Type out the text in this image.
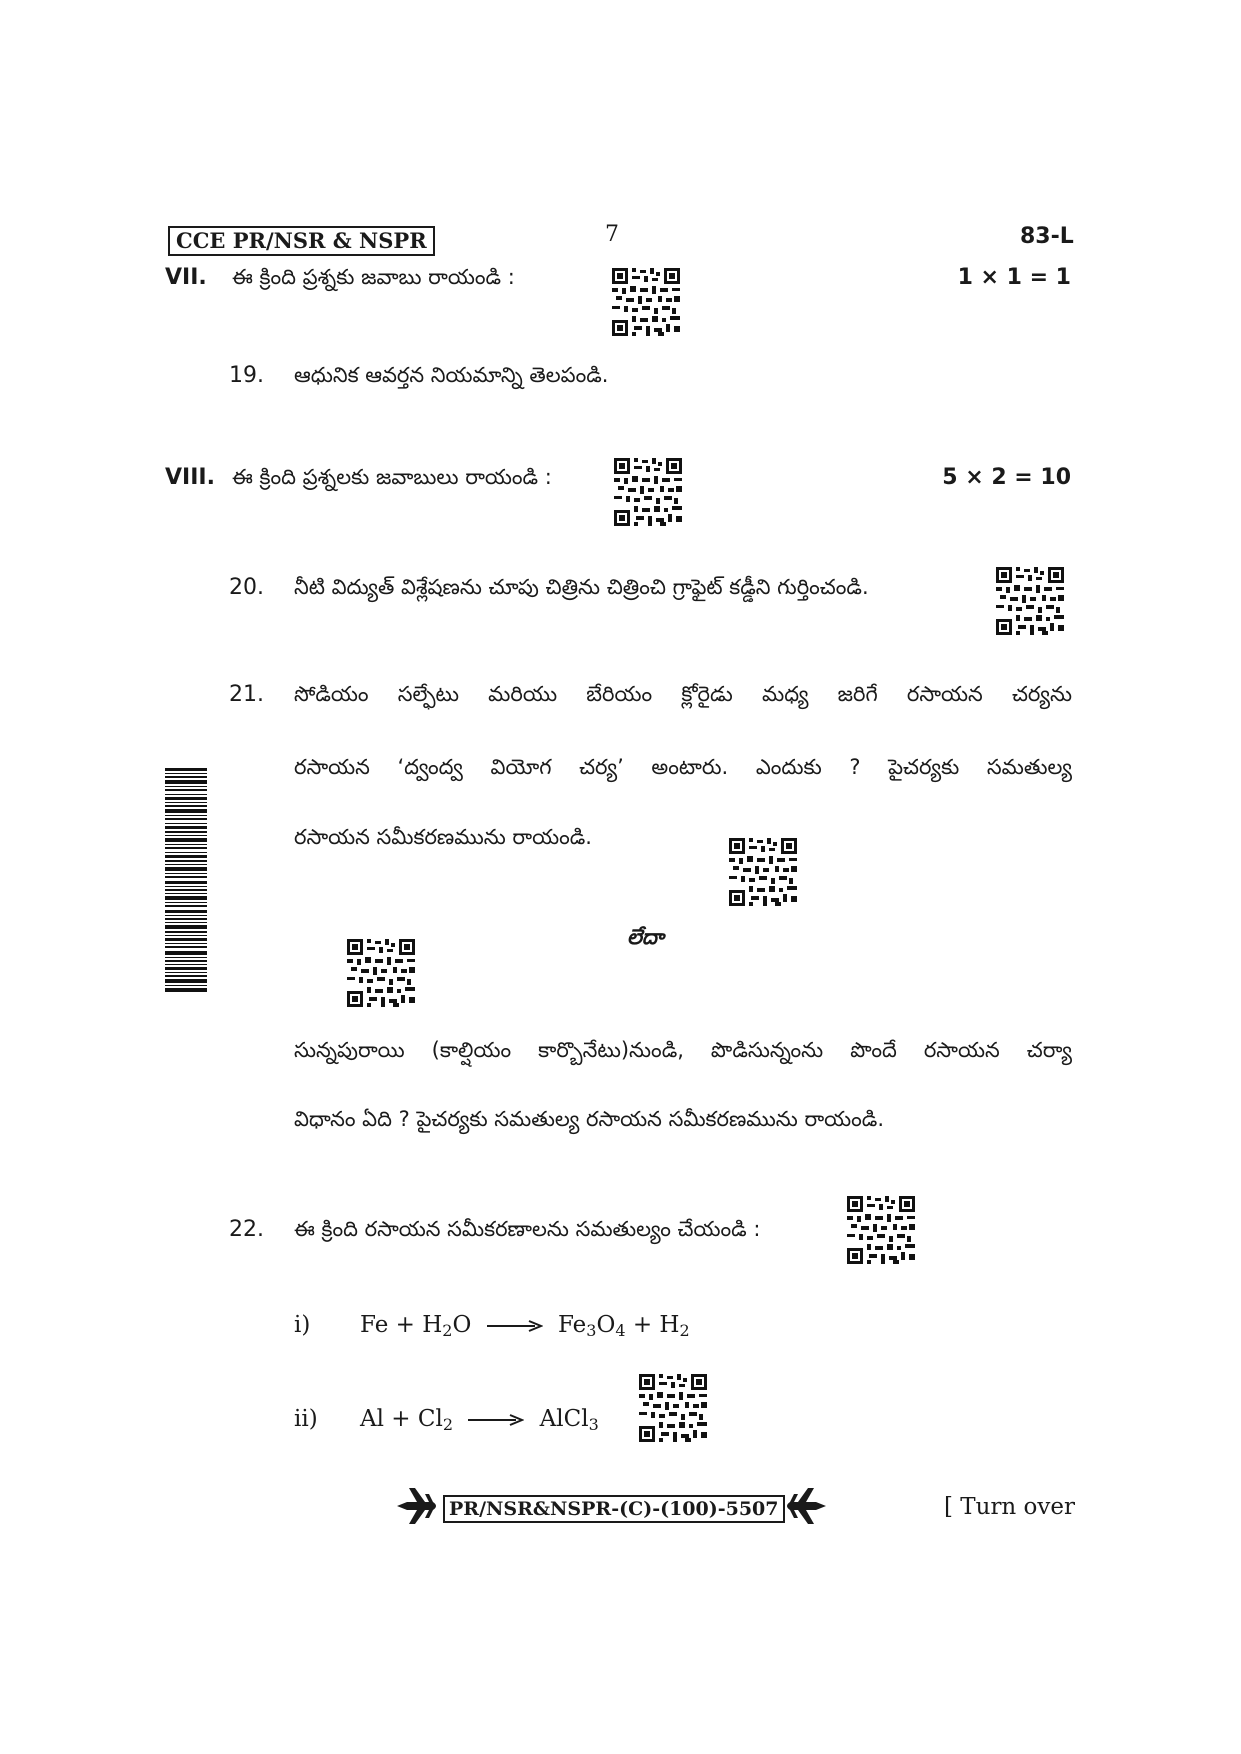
CCE PR/NSR & NSPR	7	83-L
VII. ఈ క్రింది ప్రశ్నకు జవాబు రాయండి :	1 × 1 = 1
19. ఆధునిక ఆవర్తన నియమాన్ని తెలపండి.
VIII. ఈ క్రింది ప్రశ్నలకు జవాబులు రాయండి :	5 × 2 = 10
20. నీటి విద్యుత్ విశ్లేషణను చూపు చిత్రిను చిత్రించి గ్రాఫైట్ కడ్డీని గుర్తించండి.
21. సోడియం సల్ఫేటు మరియు బేరియం క్లోరైడు మధ్య జరిగే రసాయన చర్యను
రసాయన ‘ద్వంద్వ వియోగ చర్య’ అంటారు. ఎందుకు ? పైచర్యకు సమతుల్య
రసాయన సమీకరణమును రాయండి.
లేదా
సున్నపురాయి (కాల్షియం కార్బొనేటు)నుండి, పొడిసున్నంను పొందే రసాయన చర్యా
విధానం ఏది ? పైచర్యకు సమతుల్య రసాయన సమీకరణమును రాయండి.
22. ఈ క్రింది రసాయన సమీకరణాలను సమతుల్యం చేయండి :
i) $Fe + H_2O \to Fe_3O_4 + H_2$
ii) $Al + Cl_2$ → AlCl$_3$
PR/NSR&NSPR-(C)-(100)-5507	[ Turn over
